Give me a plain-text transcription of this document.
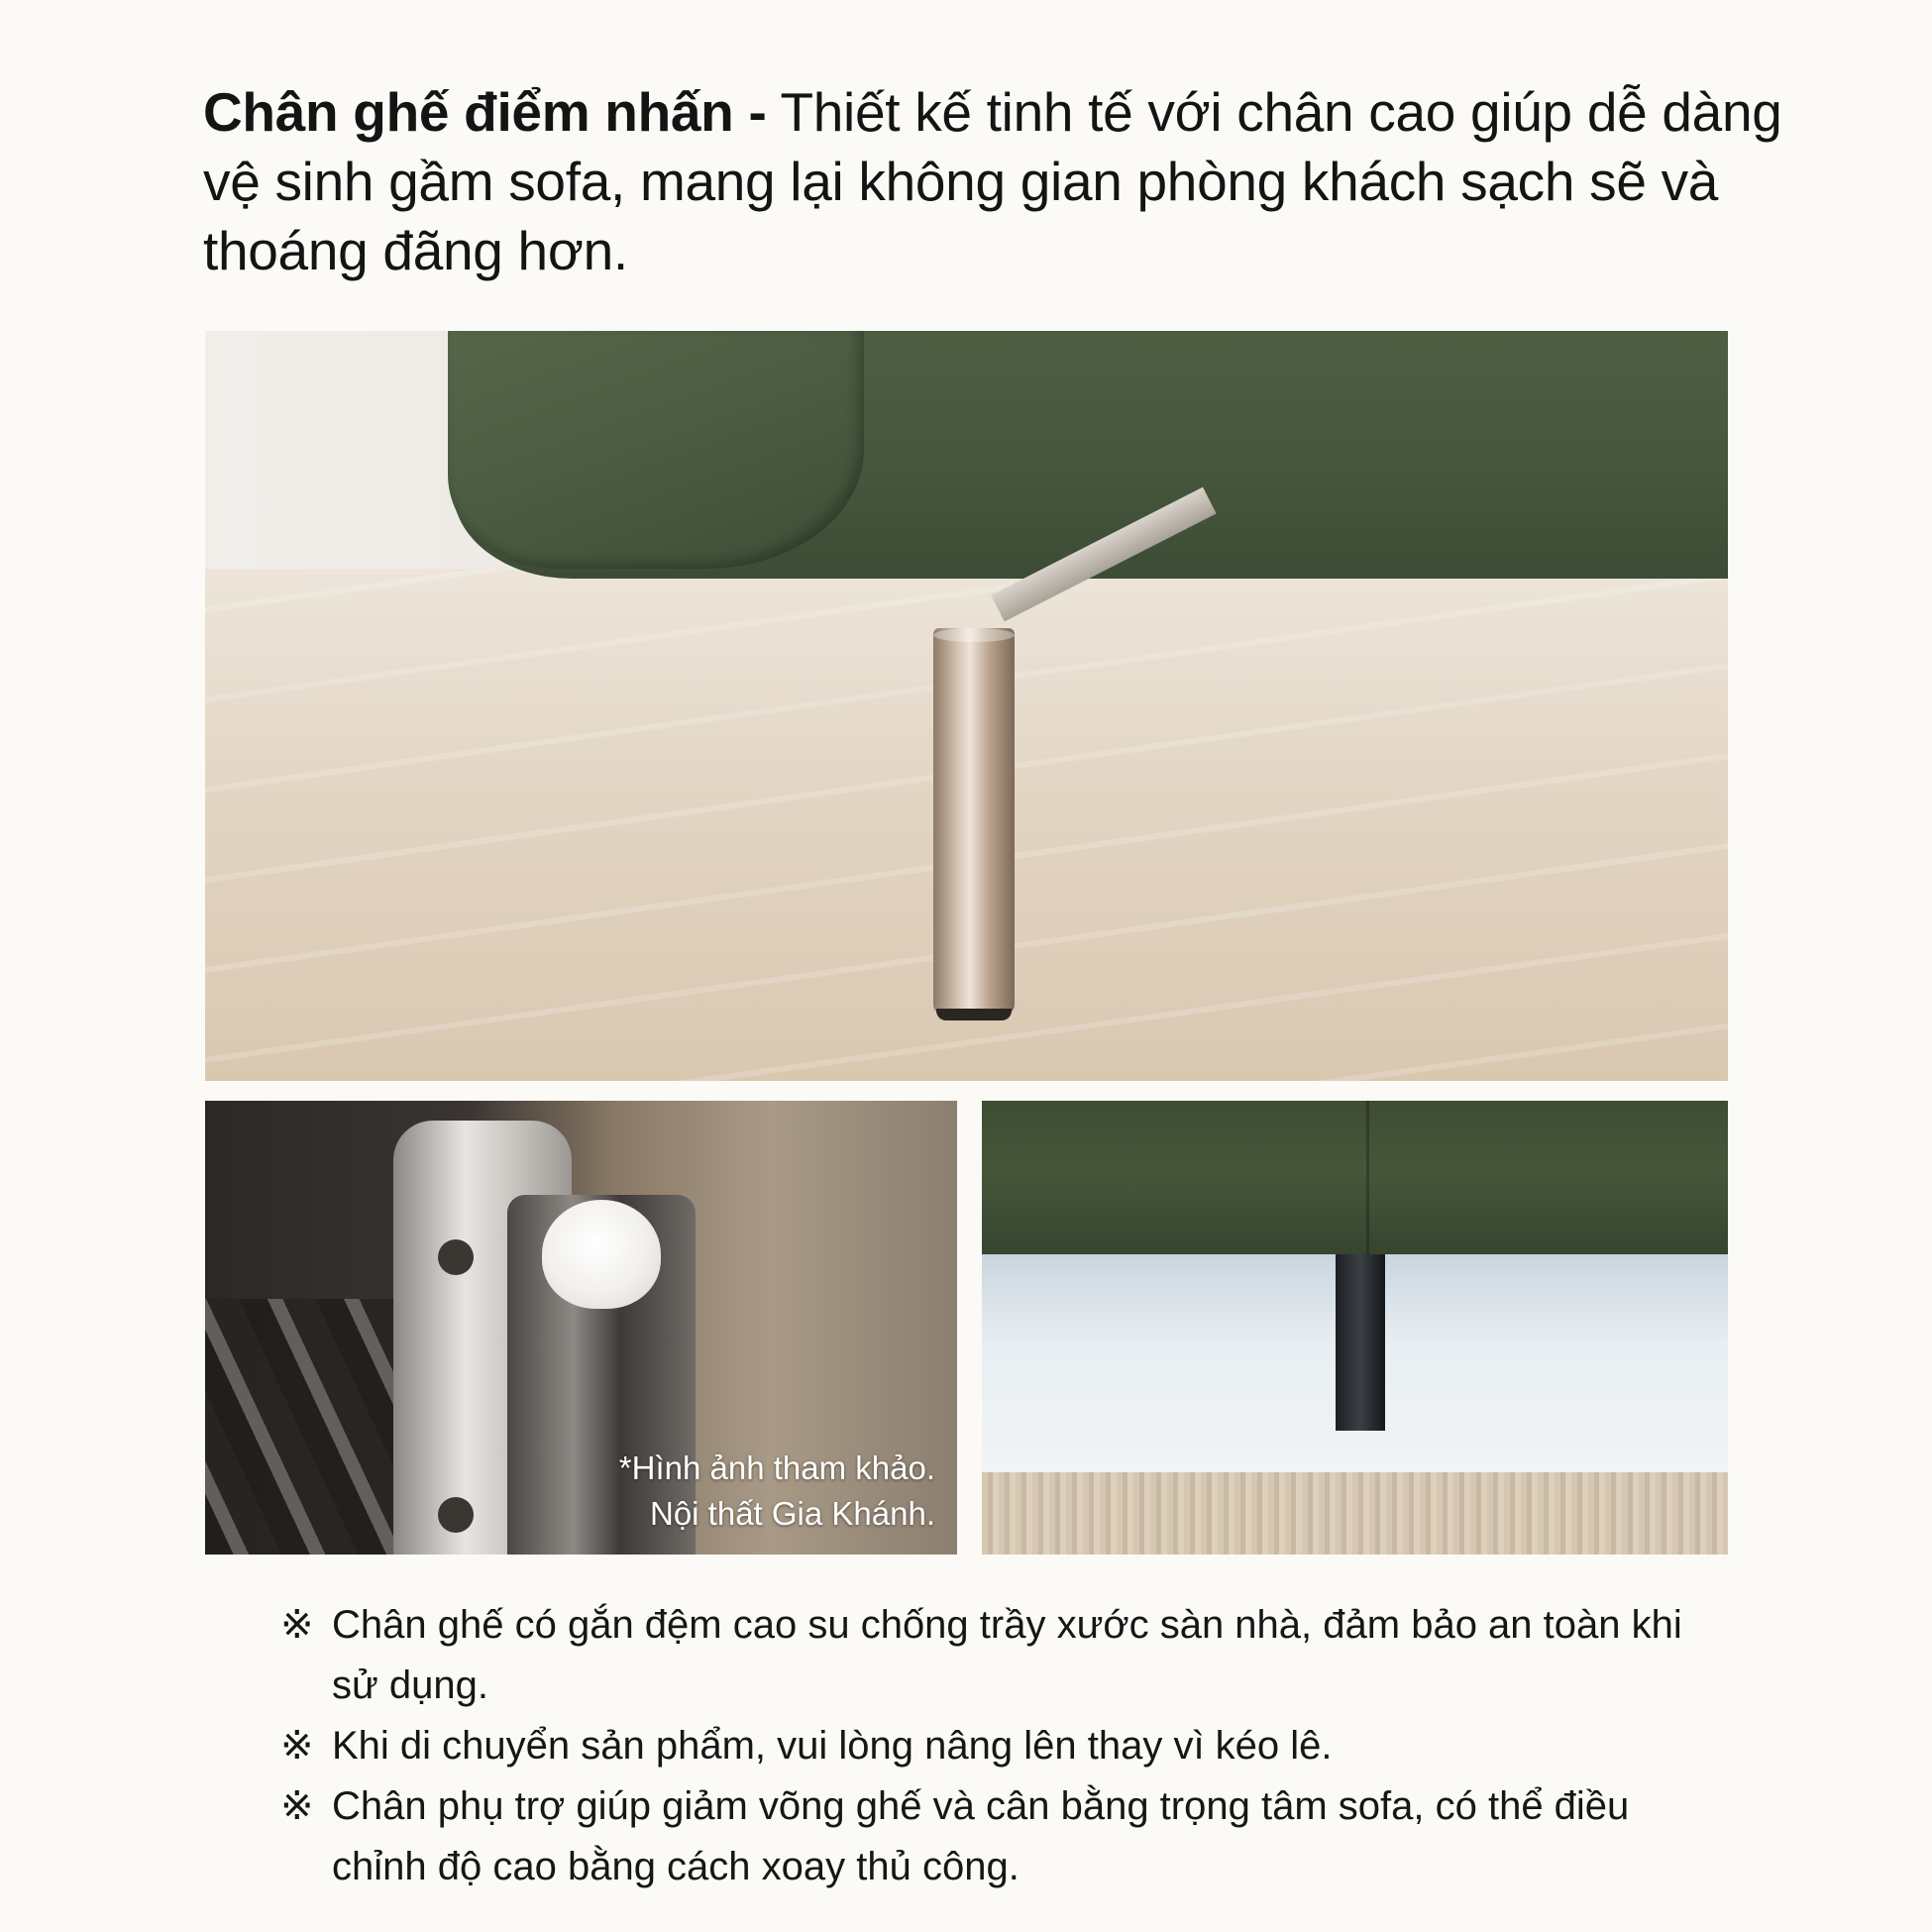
Chân ghế điểm nhấn - Thiết kế tinh tế với chân cao giúp dễ dàng vệ sinh gầm sofa, mang lại không gian phòng khách sạch sẽ và thoáng đãng hơn.

*Hình ảnh tham khảo.
Nội thất Gia Khánh.
※ Chân ghế có gắn đệm cao su chống trầy xước sàn nhà, đảm bảo an toàn khi sử dụng.
※ Khi di chuyển sản phẩm, vui lòng nâng lên thay vì kéo lê.
※ Chân phụ trợ giúp giảm võng ghế và cân bằng trọng tâm sofa, có thể điều chỉnh độ cao bằng cách xoay thủ công.
